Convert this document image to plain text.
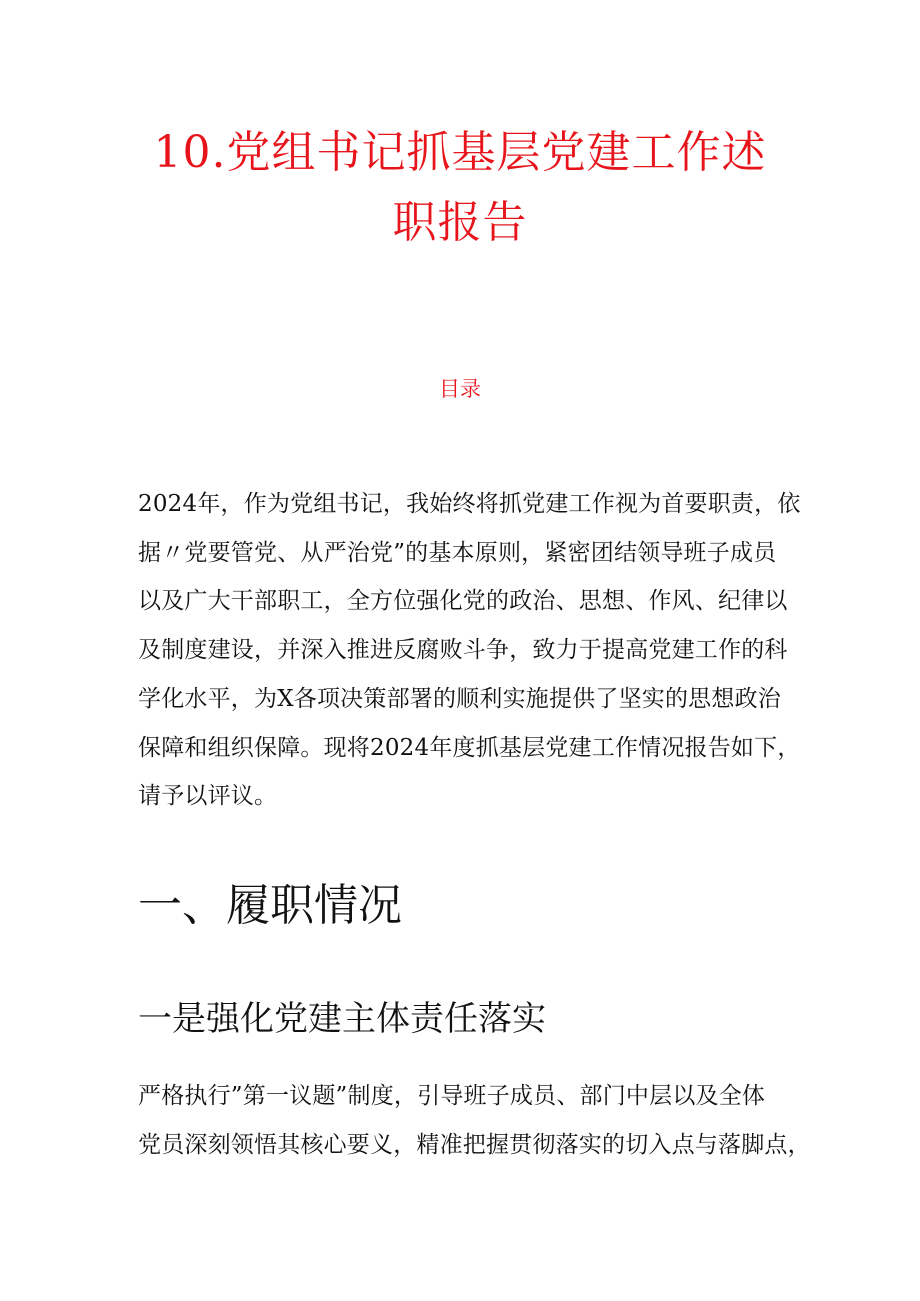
10.党组书记抓基层党建工作述
职报告
目录

2024年，作为党组书记，我始终将抓党建工作视为首要职责，依
据〃党要管党、从严治党”的基本原则，紧密团结领导班子成员
以及广大干部职工，全方位强化党的政治、思想、作风、纪律以
及制度建设，并深入推进反腐败斗争，致力于提高党建工作的科
学化水平，为X各项决策部署的顺利实施提供了坚实的思想政治
保障和组织保障。现将2024年度抓基层党建工作情况报告如下，
请予以评议。

一、履职情况
一是强化党建主体责任落实

严格执行”第一议题”制度，引导班子成员、部门中层以及全体
党员深刻领悟其核心要义，精准把握贯彻落实的切入点与落脚点，
